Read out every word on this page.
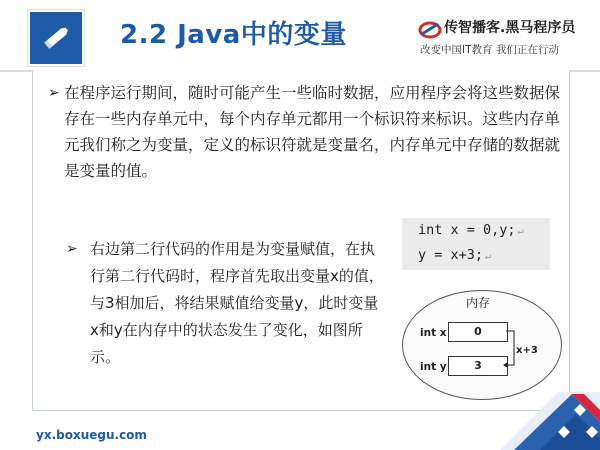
2.2 Java中的变量	传智播客.黑马程序员
改变中国IT教育 我们正在行动
➢ 在程序运行期间，随时可能产生一些临时数据，应用程序会将这些数据保存在一些内存单元中，每个内存单元都用一个标识符来标识。这些内存单元我们称之为变量，定义的标识符就是变量名，内存单元中存储的数据就是变量的值。
int x = 0,y; ↵
y = x+3; ↵
➢ 右边第二行代码的作用是为变量赋值，在执行第二行代码时，程序首先取出变量x的值，与3相加后，将结果赋值给变量y，此时变量x和y在内存中的状态发生了变化，如图所示。
内存
int x	0
int y	3
x+3
yx.boxuegu.com
